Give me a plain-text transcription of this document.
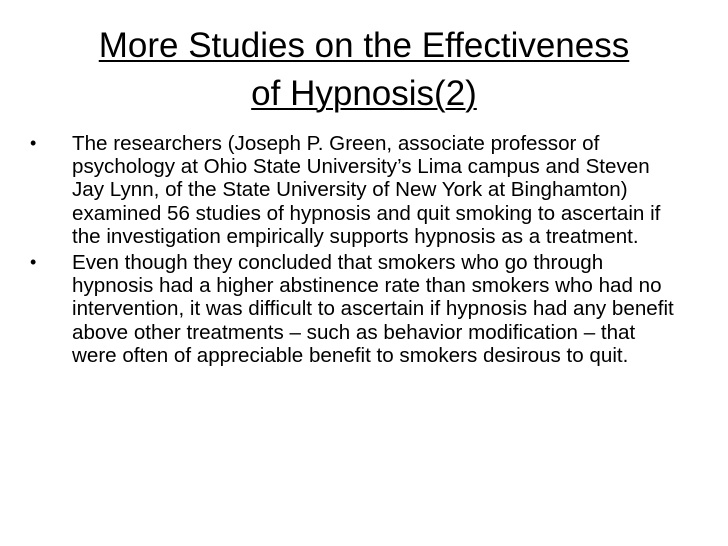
More Studies on the Effectiveness
of Hypnosis(2)
•	The researchers (Joseph P. Green, associate professor of psychology at Ohio State University’s Lima campus and Steven Jay Lynn, of the State University of New York at Binghamton) examined 56 studies of hypnosis and quit smoking to ascertain if the investigation empirically supports hypnosis as a treatment.
•	Even though they concluded that smokers who go through hypnosis had a higher abstinence rate than smokers who had no intervention, it was difficult to ascertain if hypnosis had any benefit above other treatments – such as behavior modification – that were often of appreciable benefit to smokers desirous to quit.
